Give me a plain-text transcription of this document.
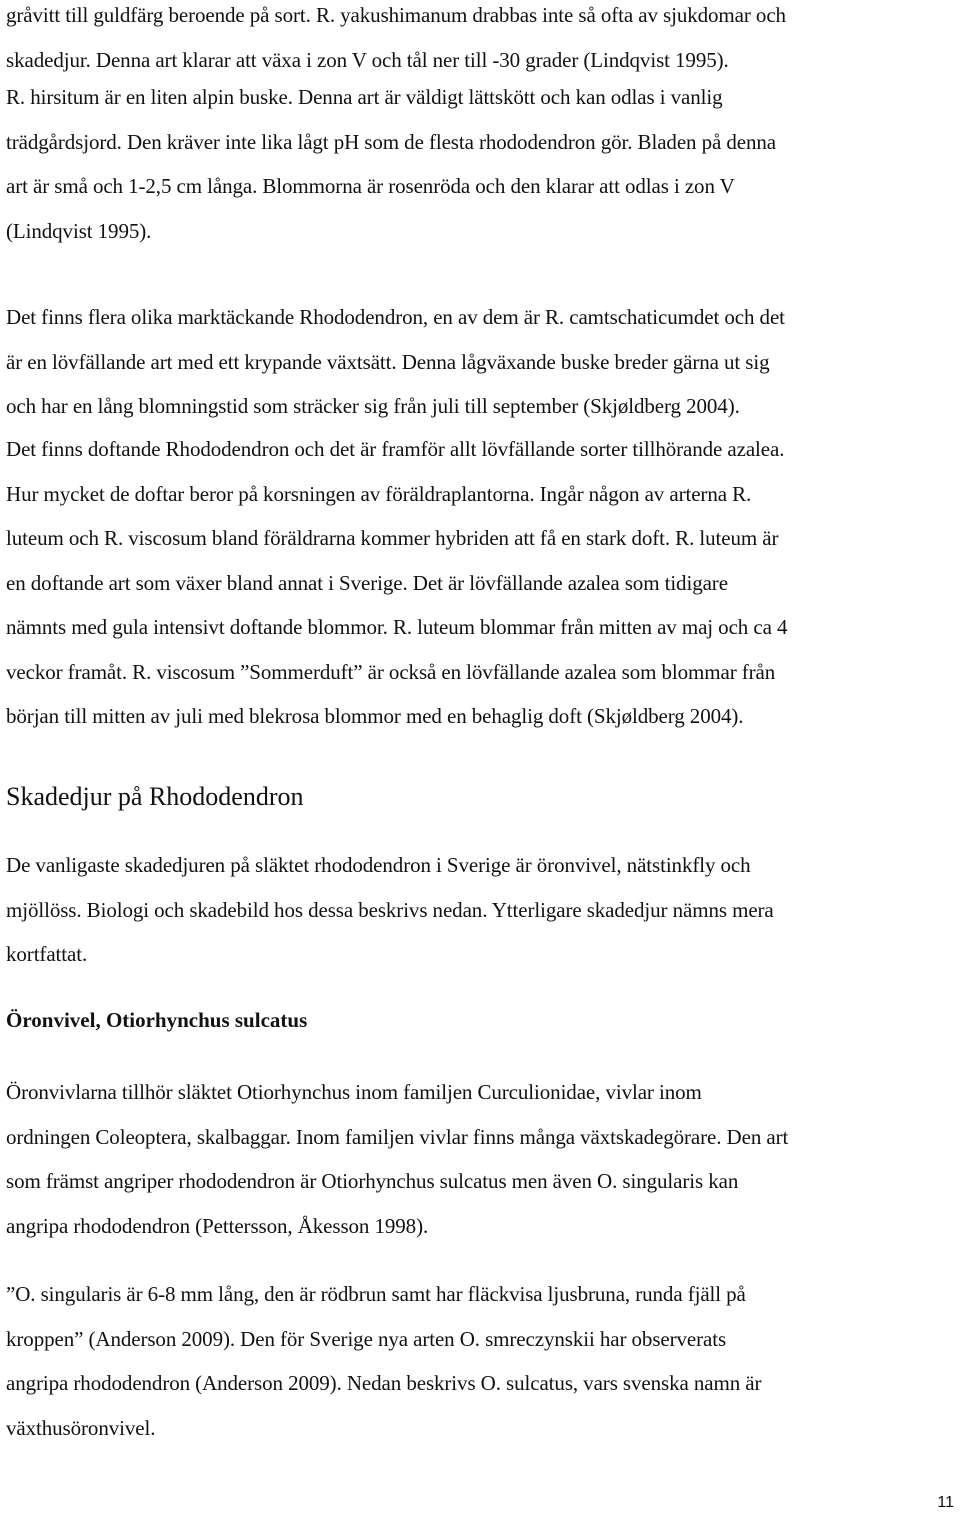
gråvitt till guldfärg beroende på sort. R. yakushimanum drabbas inte så ofta av sjukdomar och
skadedjur. Denna art klarar att växa i zon V och tål ner till -30 grader (Lindqvist 1995).

R. hirsitum är en liten alpin buske. Denna art är väldigt lättskött och kan odlas i vanlig
trädgårdsjord. Den kräver inte lika lågt pH som de flesta rhododendron gör. Bladen på denna
art är små och 1-2,5 cm långa. Blommorna är rosenröda och den klarar att odlas i zon V
(Lindqvist 1995).

Det finns flera olika marktäckande Rhododendron, en av dem är R. camtschaticumdet och det
är en lövfällande art med ett krypande växtsätt. Denna lågväxande buske breder gärna ut sig
och har en lång blomningstid som sträcker sig från juli till september (Skjøldberg 2004).

Det finns doftande Rhododendron och det är framför allt lövfällande sorter tillhörande azalea.
Hur mycket de doftar beror på korsningen av föräldraplantorna. Ingår någon av arterna R.
luteum och R. viscosum bland föräldrarna kommer hybriden att få en stark doft. R. luteum är
en doftande art som växer bland annat i Sverige. Det är lövfällande azalea som tidigare
nämnts med gula intensivt doftande blommor. R. luteum blommar från mitten av maj och ca 4
veckor framåt. R. viscosum ”Sommerduft” är också en lövfällande azalea som blommar från
början till mitten av juli med blekrosa blommor med en behaglig doft (Skjøldberg 2004).

Skadedjur på Rhododendron

De vanligaste skadedjuren på släktet rhododendron i Sverige är öronvivel, nätstinkfly och
mjöllöss. Biologi och skadebild hos dessa beskrivs nedan. Ytterligare skadedjur nämns mera
kortfattat.

Öronvivel, Otiorhynchus sulcatus

Öronvivlarna tillhör släktet Otiorhynchus inom familjen Curculionidae, vivlar inom
ordningen Coleoptera, skalbaggar. Inom familjen vivlar finns många växtskadegörare. Den art
som främst angriper rhododendron är Otiorhynchus sulcatus men även O. singularis kan
angripa rhododendron (Pettersson, Åkesson 1998).

”O. singularis är 6-8 mm lång, den är rödbrun samt har fläckvisa ljusbruna, runda fjäll på
kroppen” (Anderson 2009). Den för Sverige nya arten O. smreczynskii har observerats
angripa rhododendron (Anderson 2009). Nedan beskrivs O. sulcatus, vars svenska namn är
växthusöronvivel.

11
